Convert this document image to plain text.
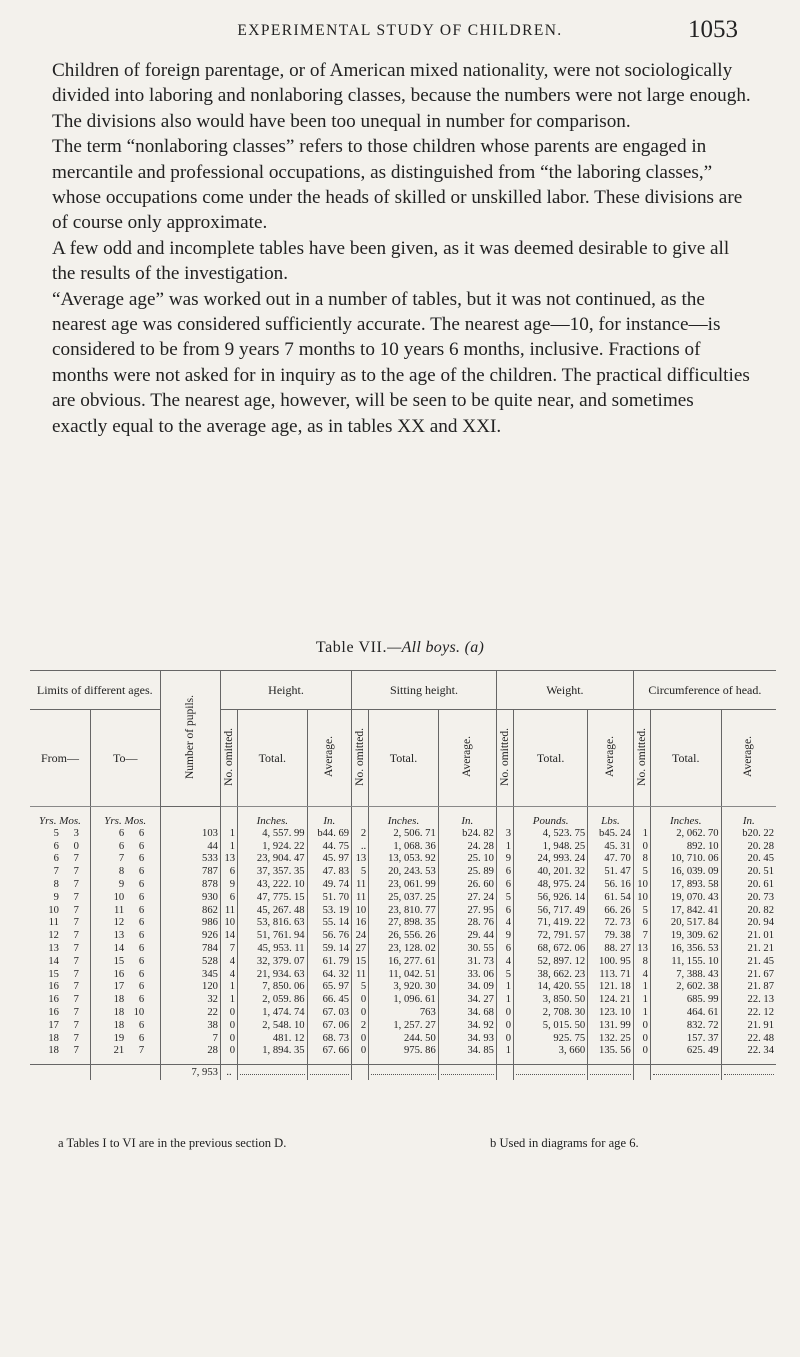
EXPERIMENTAL STUDY OF CHILDREN.	1053

Children of foreign parentage, or of American mixed nationality, were not sociologically divided into laboring and nonlaboring classes, because the numbers were not large enough. The divisions also would have been too unequal in number for comparison.

The term “nonlaboring classes” refers to those children whose parents are engaged in mercantile and professional occupations, as distinguished from “the laboring classes,” whose occupations come under the heads of skilled or unskilled labor. These divisions are of course only approximate.

A few odd and incomplete tables have been given, as it was deemed desirable to give all the results of the investigation.

“Average age” was worked out in a number of tables, but it was not continued, as the nearest age was considered sufficiently accurate. The nearest age—10, for instance—is considered to be from 9 years 7 months to 10 years 6 months, inclusive. Fractions of months were not asked for in inquiry as to the age of the children. The practical difficulties are obvious. The nearest age, however, will be seen to be quite near, and sometimes exactly equal to the average age, as in tables XX and XXI.

Table VII.—All boys. (a)
Limits of different ages.		Number of pupils.	Height.			Sitting height.			Weight.			Circumference of head.		
From—	To—		No. omitted.	Total.	Average.	No. omitted.	Total.	Average.	No. omitted.	Total.	Average.	No. omitted.	Total.	Average.
Yrs. Mos.	Yrs. Mos.			Inches.	In.		Inches.	In.		Pounds.	Lbs.		Inches.	In.
5 3	6 6	103	1	4, 557. 99	b44. 69	2	2, 506. 71	b24. 82	3	4, 523. 75	b45. 24	1	2, 062. 70	b20. 22
6 0	6 6	44	1	1, 924. 22	44. 75	..	1, 068. 36	24. 28	1	1, 948. 25	45. 31	0	892. 10	20. 28
6 7	7 6	533	13	23, 904. 47	45. 97	13	13, 053. 92	25. 10	9	24, 993. 24	47. 70	8	10, 710. 06	20. 45
7 7	8 6	787	6	37, 357. 35	47. 83	5	20, 243. 53	25. 89	6	40, 201. 32	51. 47	5	16, 039. 09	20. 51
8 7	9 6	878	9	43, 222. 10	49. 74	11	23, 061. 99	26. 60	6	48, 975. 24	56. 16	10	17, 893. 58	20. 61
9 7	10 6	930	6	47, 775. 15	51. 70	11	25, 037. 25	27. 24	5	56, 926. 14	61. 54	10	19, 070. 43	20. 73
10 7	11 6	862	11	45, 267. 48	53. 19	10	23, 810. 77	27. 95	6	56, 717. 49	66. 26	5	17, 842. 41	20. 82
11 7	12 6	986	10	53, 816. 63	55. 14	16	27, 898. 35	28. 76	4	71, 419. 22	72. 73	6	20, 517. 84	20. 94
12 7	13 6	926	14	51, 761. 94	56. 76	24	26, 556. 26	29. 44	9	72, 791. 57	79. 38	7	19, 309. 62	21. 01
13 7	14 6	784	7	45, 953. 11	59. 14	27	23, 128. 02	30. 55	6	68, 672. 06	88. 27	13	16, 356. 53	21. 21
14 7	15 6	528	4	32, 379. 07	61. 79	15	16, 277. 61	31. 73	4	52, 897. 12	100. 95	8	11, 155. 10	21. 45
15 7	16 6	345	4	21, 934. 63	64. 32	11	11, 042. 51	33. 06	5	38, 662. 23	113. 71	4	7, 388. 43	21. 67
16 7	17 6	120	1	7, 850. 06	65. 97	5	3, 920. 30	34. 09	1	14, 420. 55	121. 18	1	2, 602. 38	21. 87
16 7	18 6	32	1	2, 059. 86	66. 45	0	1, 096. 61	34. 27	1	3, 850. 50	124. 21	1	685. 99	22. 13
16 7	18 10	22	0	1, 474. 74	67. 03	0	763	34. 68	0	2, 708. 30	123. 10	1	464. 61	22. 12
17 7	18 6	38	0	2, 548. 10	67. 06	2	1, 257. 27	34. 92	0	5, 015. 50	131. 99	0	832. 72	21. 91
18 7	19 6	7	0	481. 12	68. 73	0	244. 50	34. 93	0	925. 75	132. 25	0	157. 37	22. 48
18 7	21 7	28	0	1, 894. 35	67. 66	0	975. 86	34. 85	1	3, 660	135. 56	0	625. 49	22. 34
		7, 953	..											
a Tables I to VI are in the previous section D.	b Used in diagrams for age 6.
